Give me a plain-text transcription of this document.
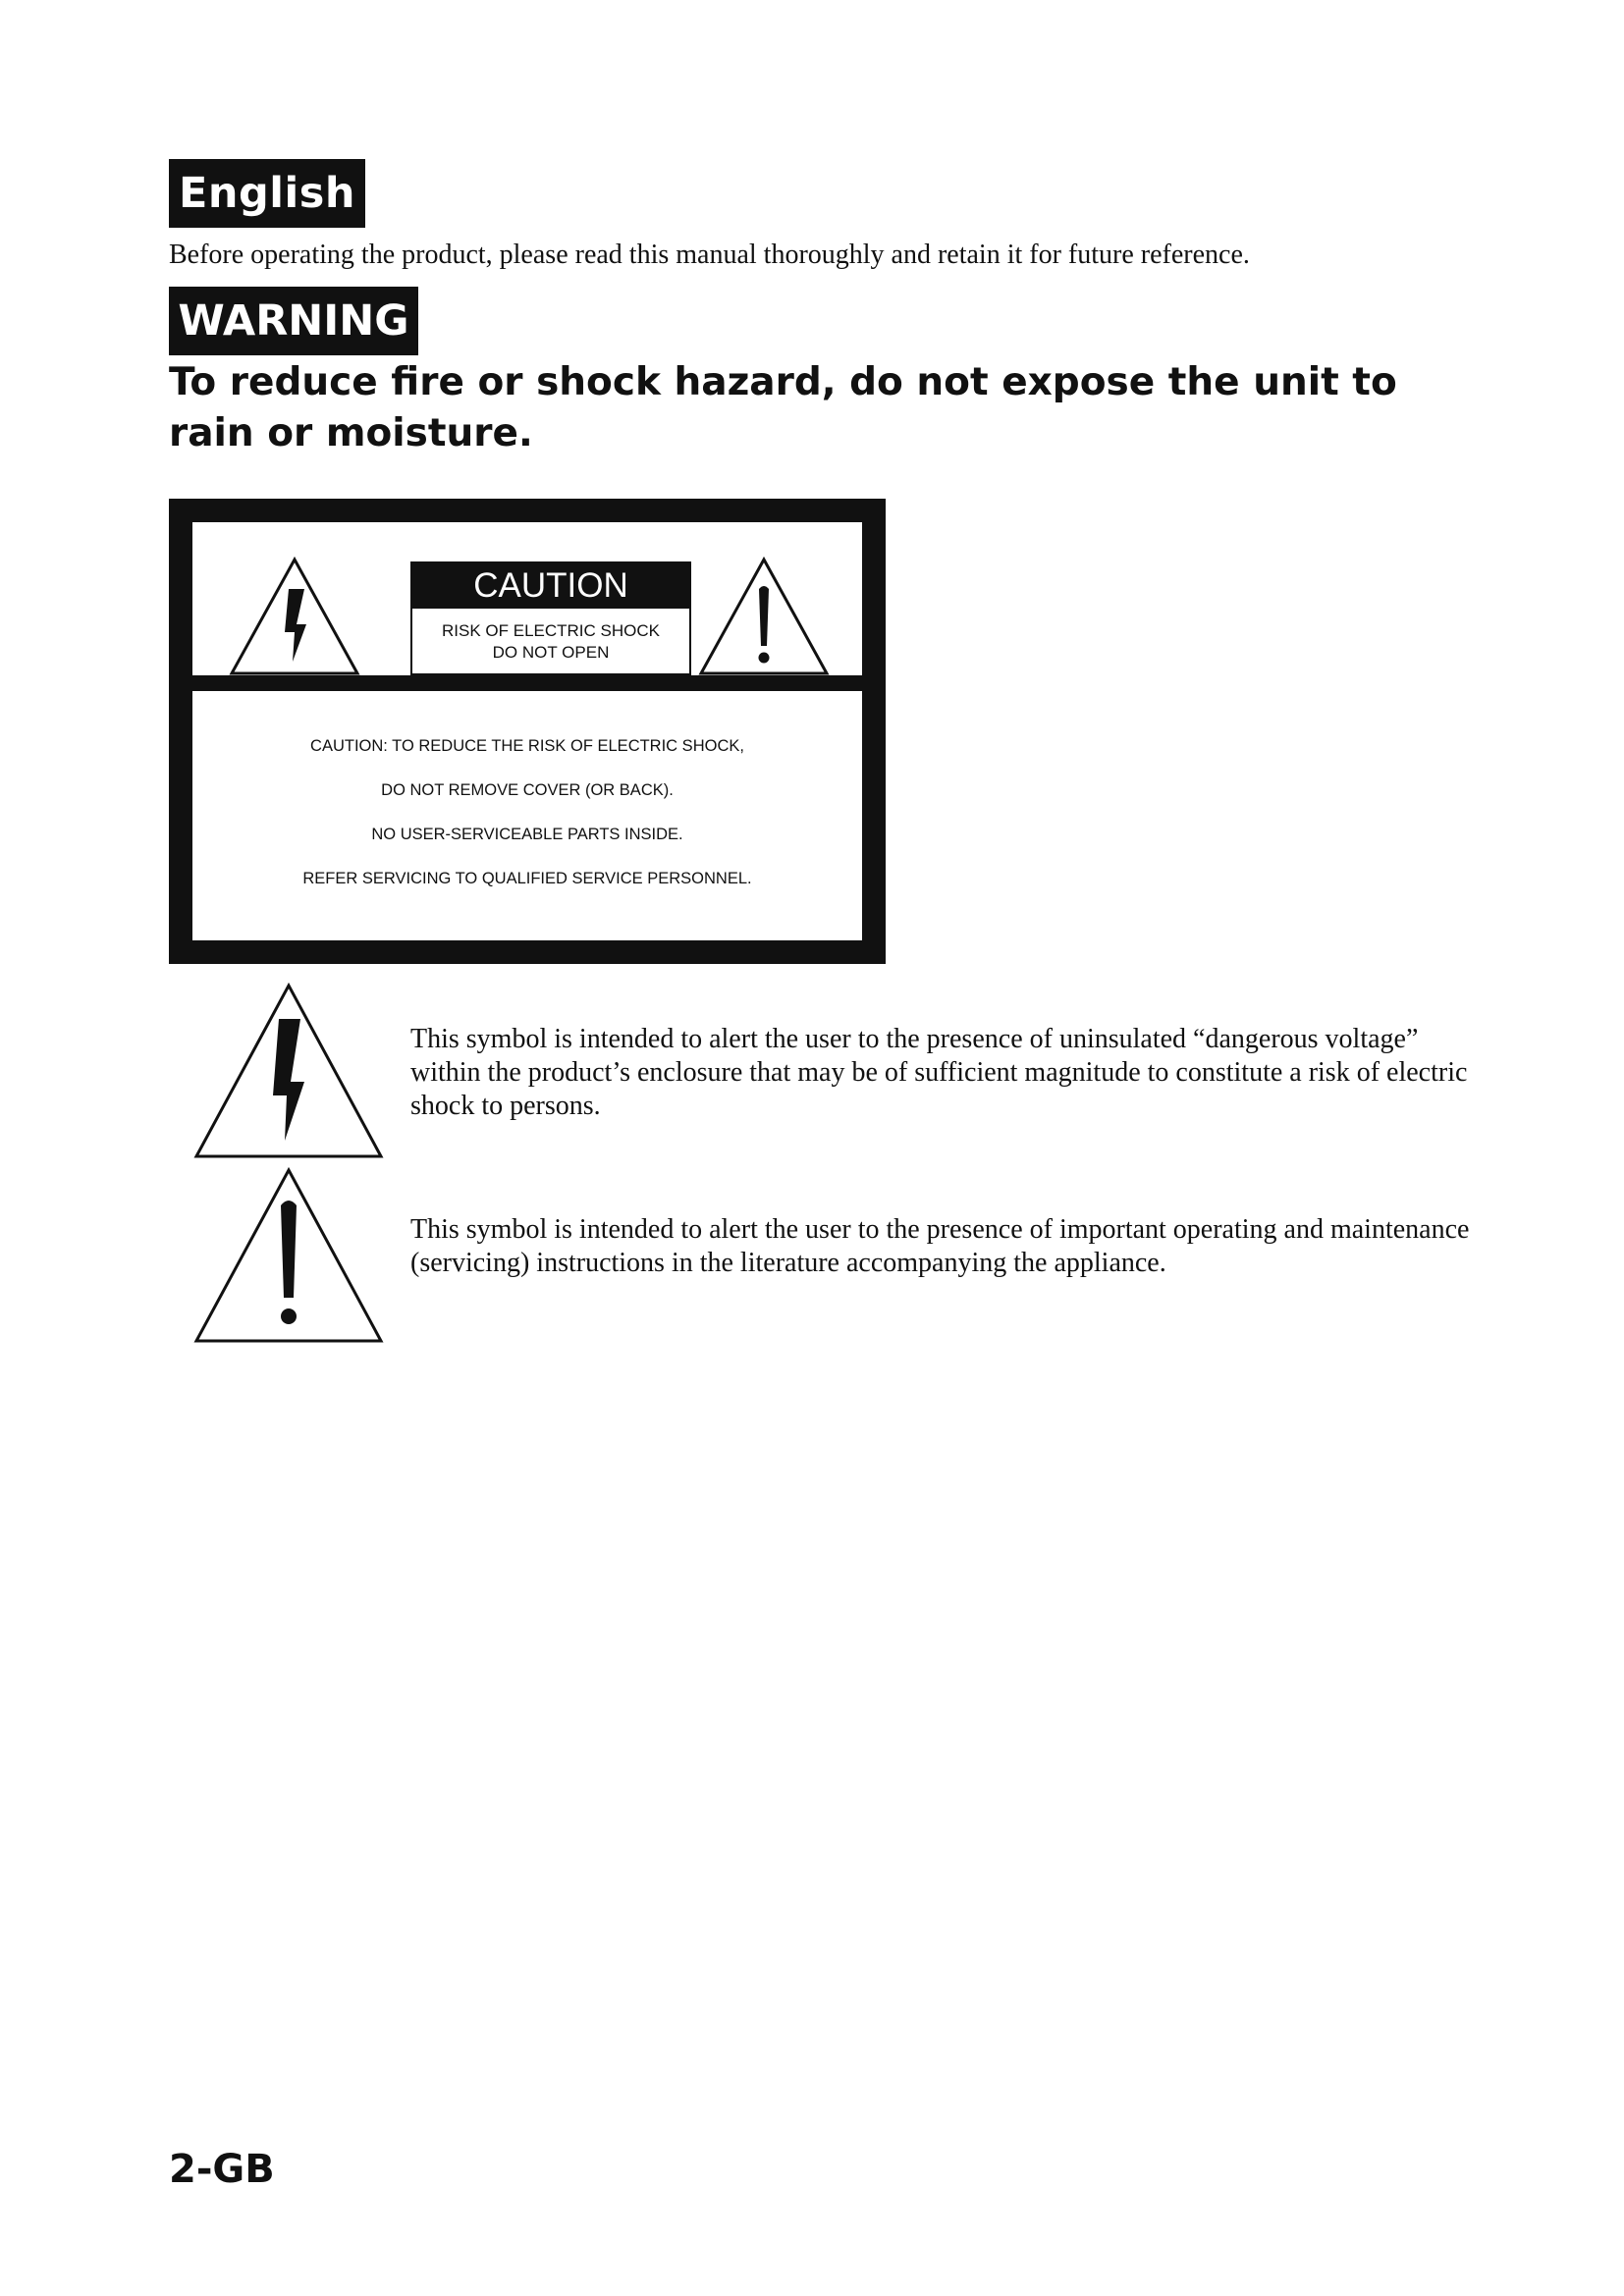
English
Before operating the product, please read this manual thoroughly and retain it for future reference.
WARNING
To reduce fire or shock hazard, do not expose the unit to rain or moisture.
CAUTION
RISK OF ELECTRIC SHOCK
DO NOT OPEN
CAUTION: TO REDUCE THE RISK OF ELECTRIC SHOCK,
DO NOT REMOVE COVER (OR BACK).
NO USER-SERVICEABLE PARTS INSIDE.
REFER SERVICING TO QUALIFIED SERVICE PERSONNEL.
This symbol is intended to alert the user to the presence of uninsulated “dangerous voltage” within the product’s enclosure that may be of sufficient magnitude to constitute a risk of electric shock to persons.
This symbol is intended to alert the user to the presence of important operating and maintenance (servicing) instructions in the literature accompanying the appliance.
2-GB
